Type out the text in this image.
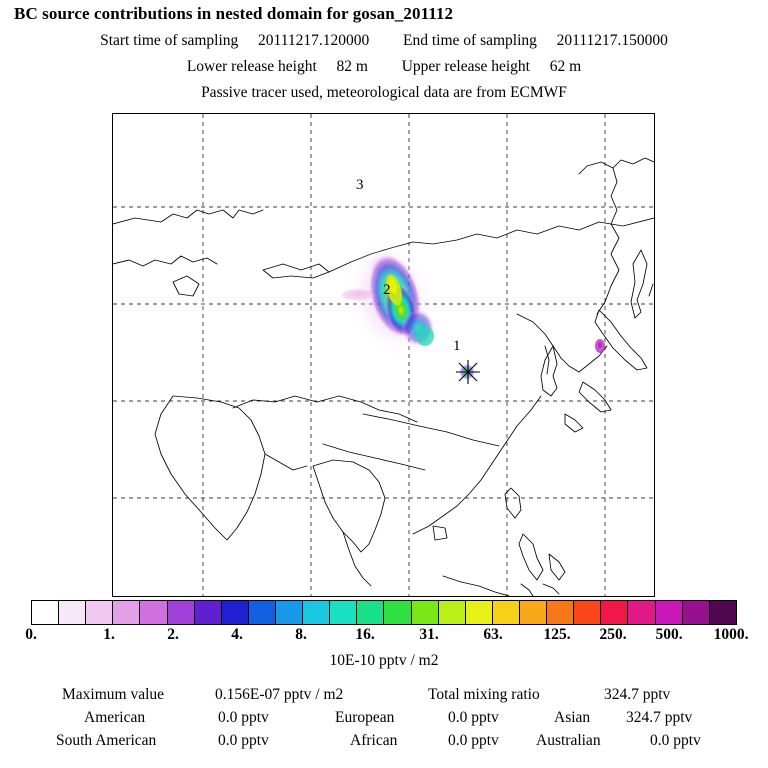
BC source contributions in nested domain for gosan_201112
Start time of sampling 20111217.120000 End time of sampling 20111217.150000
Lower release height 82 m Upper release height 62 m
Passive tracer used, meteorological data are from ECMWF
1
2
3
0.	1.	2.	4.	8.	16.	31.	63.	125. 250. 500. 1000.
10E-10 pptv / m2
Maximum value	0.156E-07 pptv / m2	Total mixing ratio	324.7 pptv
American	0.0 pptv	European	0.0 pptv	Asian 324.7 pptv
South American	0.0 pptv	African	0.0 pptv Australian	0.0 pptv
